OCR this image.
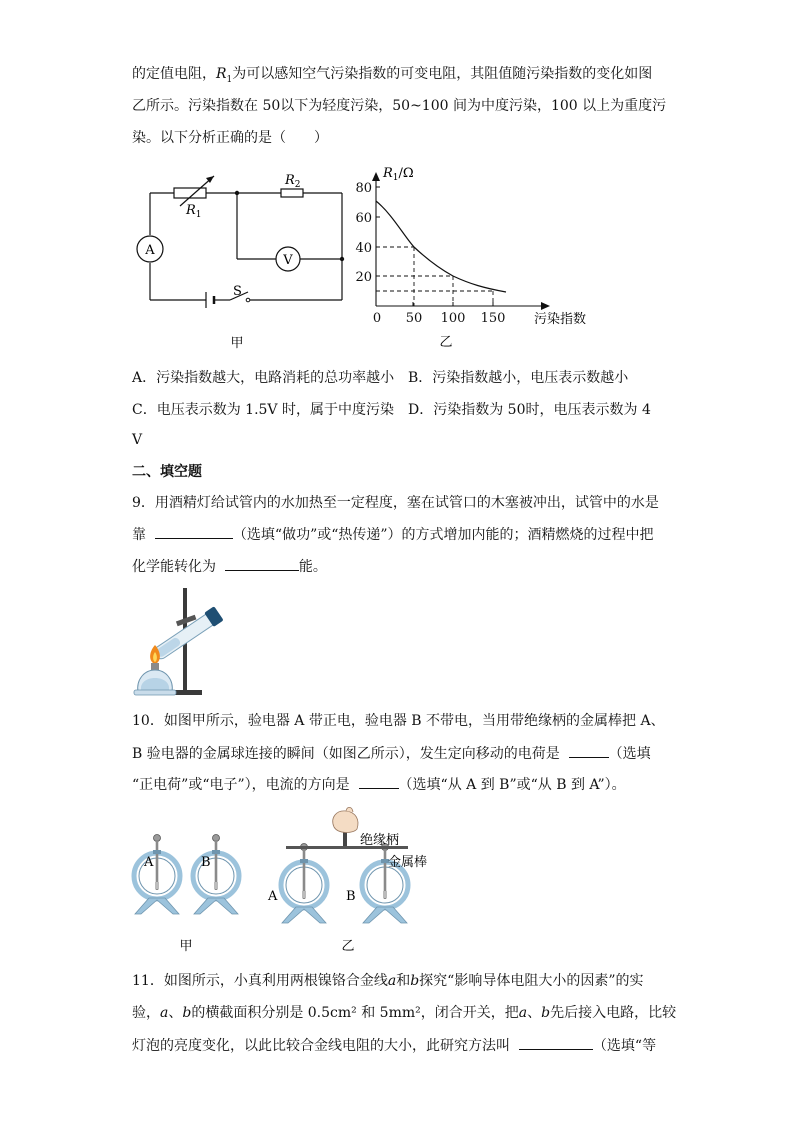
的定值电阻，$R_1$为可以感知空气污染指数的可变电阻，其阻值随污染指数的变化如图
乙所示。污染指数在 50以下为轻度污染，50~100 间为中度污染，100 以上为重度污
染。以下分析正确的是（　　）
A
V
S
$R_1$
$R_2$
甲
80
60
40
20
0 50 100 150
$R_1/\Omega$
污染指数
乙
A．污染指数越大，电路消耗的总功率越小 B．污染指数越小，电压表示数越小
C．电压表示数为 1.5V 时，属于中度污染 D．污染指数为 50时，电压表示数为 4
V
二、填空题
9．用酒精灯给试管内的水加热至一定程度，塞在试管口的木塞被冲出，试管中的水是
靠	（选填“做功”或“热传递”）的方式增加内能的；酒精燃烧的过程中把
化学能转化为	能。
10．如图甲所示，验电器 A 带正电，验电器 B 不带电，当用带绝缘柄的金属棒把 A、
B 验电器的金属球连接的瞬间（如图乙所示），发生定向移动的电荷是	（选填
“正电荷”或“电子”），电流的方向是	（选填“从 A 到 B”或“从 B 到 A”）。
A	B
A	B
绝缘柄
金属棒
甲	乙
11．如图所示，小真利用两根镍铬合金线a和b探究“影响导体电阻大小的因素”的实
验，a、b的横截面积分别是 0.5cm² 和 5mm²，闭合开关，把a、b先后接入电路，比较
灯泡的亮度变化，以此比较合金线电阻的大小，此研究方法叫	（选填“等
